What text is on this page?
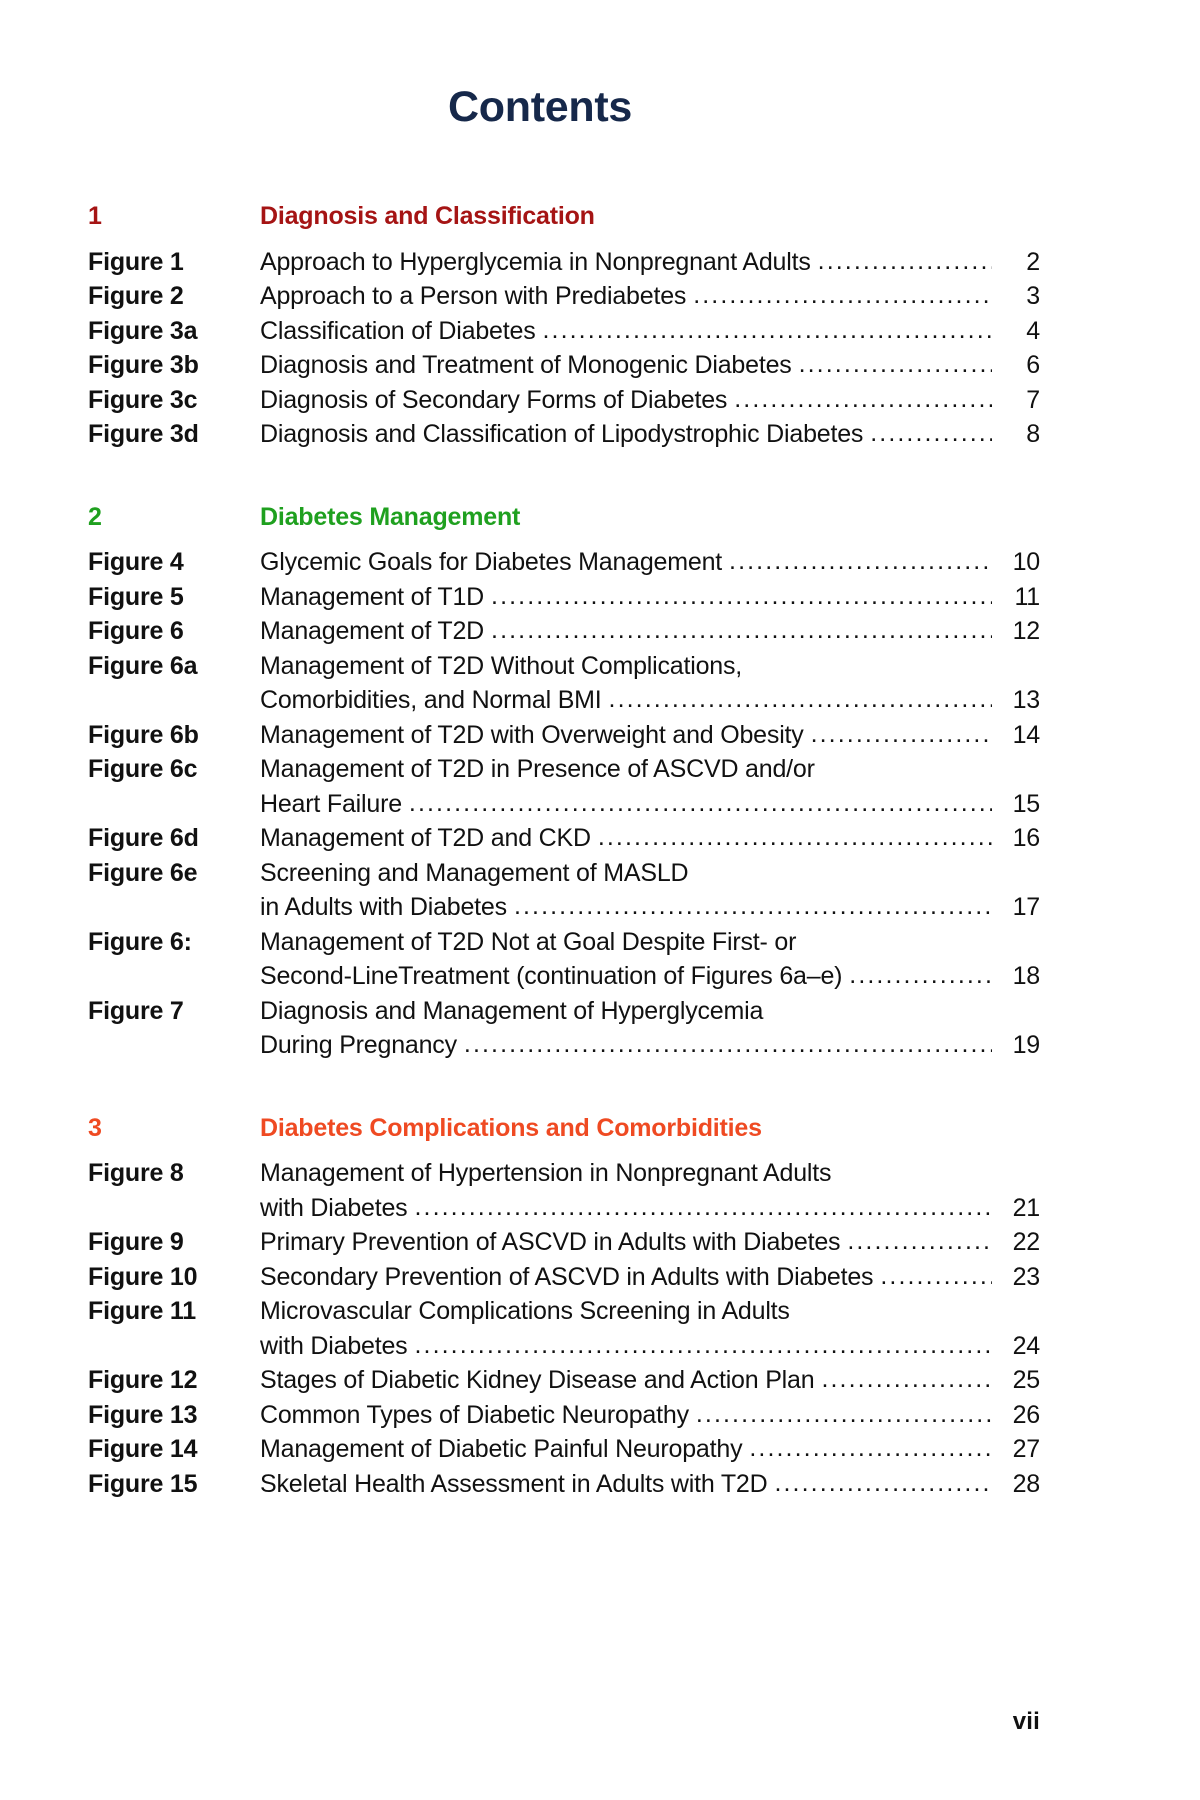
Contents
1	Diagnosis and Classification
Figure 1	Approach to Hyperglycemia in Nonpregnant Adults .....	2
Figure 2	Approach to a Person with Prediabetes .....	3
Figure 3a	Classification of Diabetes .....	4
Figure 3b	Diagnosis and Treatment of Monogenic Diabetes .....	6
Figure 3c	Diagnosis of Secondary Forms of Diabetes .....	7
Figure 3d	Diagnosis and Classification of Lipodystrophic Diabetes .....	8
2	Diabetes Management
Figure 4	Glycemic Goals for Diabetes Management .....	10
Figure 5	Management of T1D .....	11
Figure 6	Management of T2D .....	12
Figure 6a	Management of T2D Without Complications,
Comorbidities, and Normal BMI .....	13
Figure 6b	Management of T2D with Overweight and Obesity .....	14
Figure 6c	Management of T2D in Presence of ASCVD and/or
Heart Failure .....	15
Figure 6d	Management of T2D and CKD .....	16
Figure 6e	Screening and Management of MASLD
in Adults with Diabetes .....	17
Figure 6:	Management of T2D Not at Goal Despite First- or
Second-LineTreatment (continuation of Figures 6a–e) .....	18
Figure 7	Diagnosis and Management of Hyperglycemia
During Pregnancy .....	19
3	Diabetes Complications and Comorbidities
Figure 8	Management of Hypertension in Nonpregnant Adults
with Diabetes .....	21
Figure 9	Primary Prevention of ASCVD in Adults with Diabetes .....	22
Figure 10	Secondary Prevention of ASCVD in Adults with Diabetes .....	23
Figure 11	Microvascular Complications Screening in Adults
with Diabetes .....	24
Figure 12	Stages of Diabetic Kidney Disease and Action Plan .....	25
Figure 13	Common Types of Diabetic Neuropathy .....	26
Figure 14	Management of Diabetic Painful Neuropathy .....	27
Figure 15	Skeletal Health Assessment in Adults with T2D .....	28
vii
